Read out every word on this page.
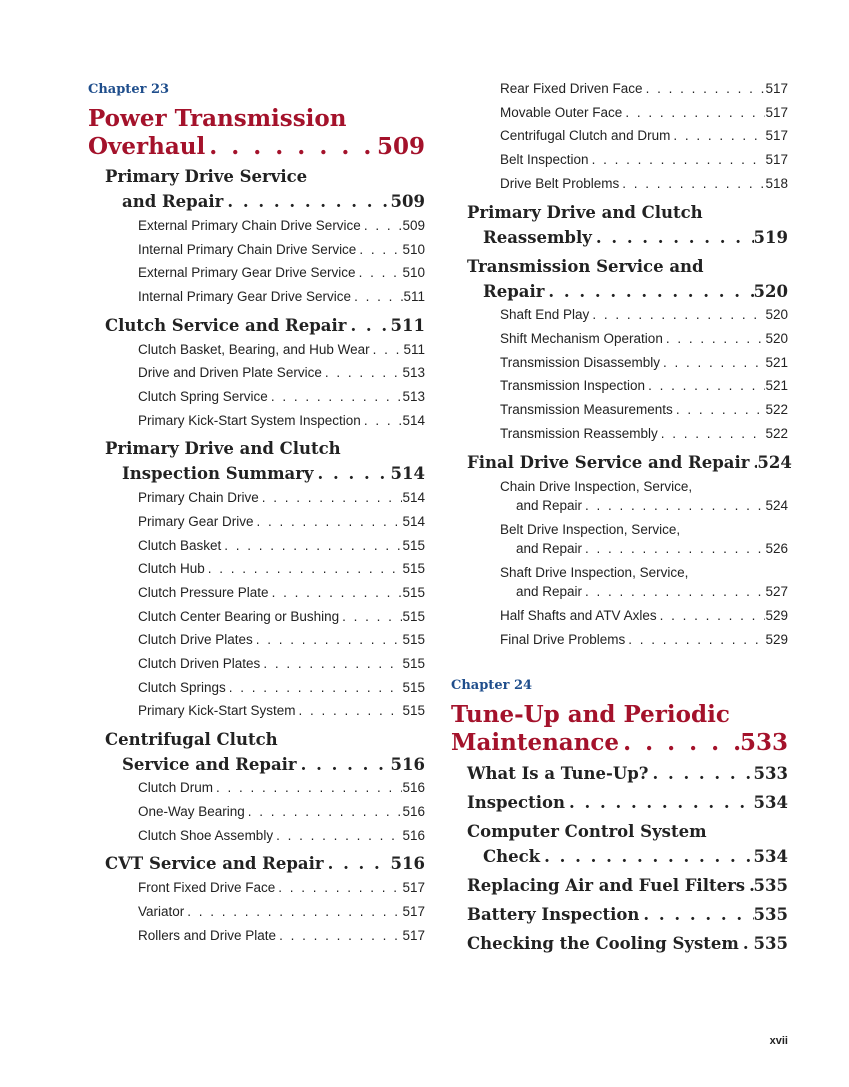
Chapter 23
Power Transmission
Overhaul . . .	509
Primary Drive Service
and Repair . . .	509
External Primary Chain Drive Service . . .	509
Internal Primary Chain Drive Service . . .	510
External Primary Gear Drive Service . . .	510
Internal Primary Gear Drive Service . . .	511
Clutch Service and Repair . . .	511
Clutch Basket, Bearing, and Hub Wear . . .	511
Drive and Driven Plate Service . . .	513
Clutch Spring Service . . .	513
Primary Kick-Start System Inspection . . .	514
Primary Drive and Clutch
Inspection Summary . . .	514
Primary Chain Drive . . .	514
Primary Gear Drive . . .	514
Clutch Basket . . .	515
Clutch Hub . . .	515
Clutch Pressure Plate . . .	515
Clutch Center Bearing or Bushing . . .	515
Clutch Drive Plates . . .	515
Clutch Driven Plates . . .	515
Clutch Springs . . .	515
Primary Kick-Start System . . .	515
Centrifugal Clutch
Service and Repair . . .	516
Clutch Drum . . .	516
One-Way Bearing . . .	516
Clutch Shoe Assembly . . .	516
CVT Service and Repair . . .	516
Front Fixed Drive Face . . .	517
Variator . . .	517
Rollers and Drive Plate . . .	517
Rear Fixed Driven Face . . .	517
Movable Outer Face . . .	517
Centrifugal Clutch and Drum . . .	517
Belt Inspection . . .	517
Drive Belt Problems . . .	518
Primary Drive and Clutch
Reassembly . . .	519
Transmission Service and
Repair . . .	520
Shaft End Play . . .	520
Shift Mechanism Operation . . .	520
Transmission Disassembly . . .	521
Transmission Inspection . . .	521
Transmission Measurements . . .	522
Transmission Reassembly . . .	522
Final Drive Service and Repair . . . 524
Chain Drive Inspection, Service,
and Repair . . .	524
Belt Drive Inspection, Service,
and Repair . . .	526
Shaft Drive Inspection, Service,
and Repair . . .	527
Half Shafts and ATV Axles . . .	529
Final Drive Problems . . .	529
Chapter 24
Tune-Up and Periodic
Maintenance . . .	533
What Is a Tune-Up? . . .	533
Inspection . . .	534
Computer Control System
Check . . .	534
Replacing Air and Fuel Filters . . . 535
Battery Inspection . . .	535
Checking the Cooling System . . . 535
xvii
